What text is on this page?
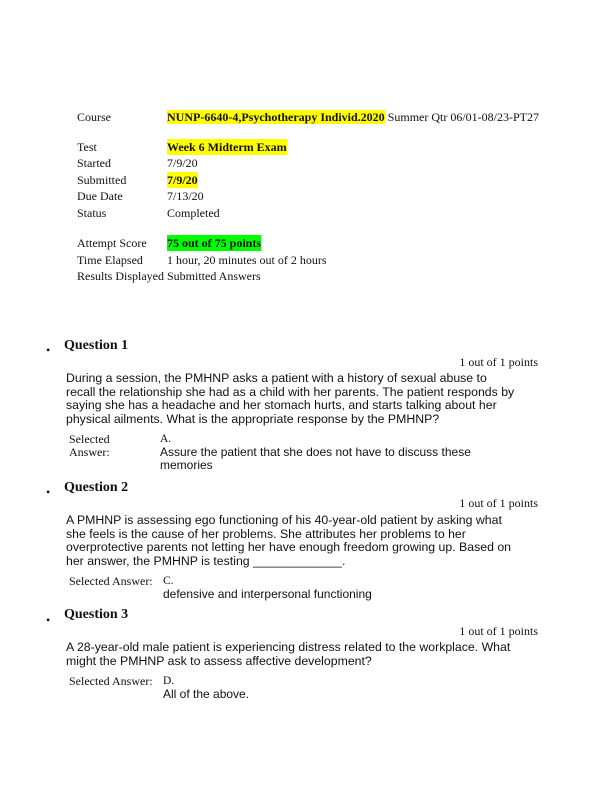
Course	NUNP-6640-4,Psychotherapy Individ.2020 Summer Qtr 06/01-08/23-PT27
Test	Week 6 Midterm Exam
Started	7/9/20
Submitted	7/9/20
Due Date	7/13/20
Status	Completed
Attempt Score 75 out of 75 points
Time Elapsed 1 hour, 20 minutes out of 2 hours
Results Displayed Submitted Answers
• Question 1
1 out of 1 points
During a session, the PMHNP asks a patient with a history of sexual abuse to recall the relationship she had as a child with her parents. The patient responds by saying she has a headache and her stomach hurts, and starts talking about her physical ailments. What is the appropriate response by the PMHNP?
Selected
Answer:
A.
Assure the patient that she does not have to discuss these memories
• Question 2
1 out of 1 points
A PMHNP is assessing ego functioning of his 40-year-old patient by asking what she feels is the cause of her problems. She attributes her problems to her overprotective parents not letting her have enough freedom growing up. Based on her answer, the PMHNP is testing _____________.
Selected Answer: C.
defensive and interpersonal functioning
• Question 3
1 out of 1 points
A 28-year-old male patient is experiencing distress related to the workplace. What might the PMHNP ask to assess affective development?
Selected Answer: D.
All of the above.
